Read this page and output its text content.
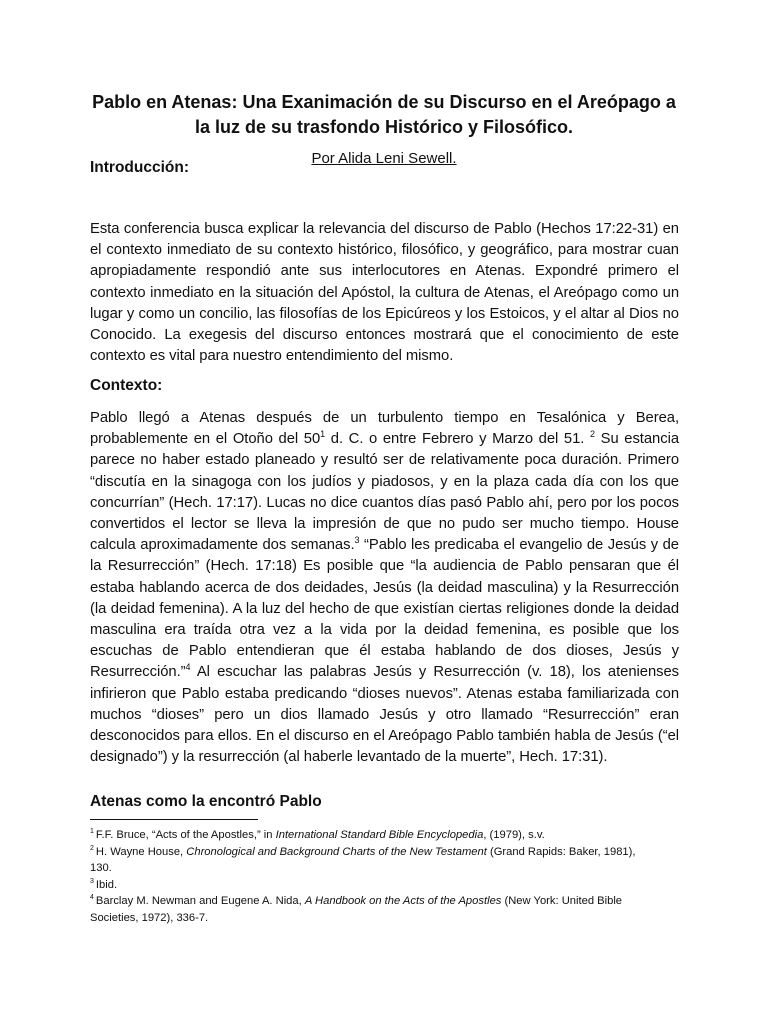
Pablo en Atenas: Una Exanimación de su Discurso en el Areópago a
la luz de su trasfondo Histórico y Filosófico.

Por Alida Leni Sewell.

Introducción:

Esta conferencia busca explicar la relevancia del discurso de Pablo (Hechos 17:22-31) en el contexto inmediato de su contexto histórico, filosófico, y geográfico, para mostrar cuan apropiadamente respondió ante sus interlocutores en Atenas. Expondré primero el contexto inmediato en la situación del Apóstol, la cultura de Atenas, el Areópago como un lugar y como un concilio, las filosofías de los Epicúreos y los Estoicos, y el altar al Dios no Conocido. La exegesis del discurso entonces mostrará que el conocimiento de este contexto es vital para nuestro entendimiento del mismo.

Contexto:

Pablo llegó a Atenas después de un turbulento tiempo en Tesalónica y Berea, probablemente en el Otoño del $50^1$ d. C. o entre Febrero y Marzo del 51. $^2$ Su estancia parece no haber estado planeado y resultó ser de relativamente poca duración. Primero “discutía en la sinagoga con los judíos y piadosos, y en la plaza cada día con los que concurrían” (Hech. 17:17). Lucas no dice cuantos días pasó Pablo ahí, pero por los pocos convertidos el lector se lleva la impresión de que no pudo ser mucho tiempo. House calcula aproximadamente dos semanas.$^3$ “Pablo les predicaba el evangelio de Jesús y de la Resurrección” (Hech. 17:18) Es posible que “la audiencia de Pablo pensaran que él estaba hablando acerca de dos deidades, Jesús (la deidad masculina) y la Resurrección (la deidad femenina). A la luz del hecho de que existían ciertas religiones donde la deidad masculina era traída otra vez a la vida por la deidad femenina, es posible que los escuchas de Pablo entendieran que él estaba hablando de dos dioses, Jesús y Resurrección.”$^4$ Al escuchar las palabras Jesús y Resurrección (v. 18), los atenienses infirieron que Pablo estaba predicando “dioses nuevos”. Atenas estaba familiarizada con muchos “dioses” pero un dios llamado Jesús y otro llamado “Resurrección” eran desconocidos para ellos. En el discurso en el Areópago Pablo también habla de Jesús (“el designado”) y la resurrección (al haberle levantado de la muerte”, Hech. 17:31).

Atenas como la encontró Pablo

$^1$ F.F. Bruce, “Acts of the Apostles,” in International Standard Bible Encyclopedia, (1979), s.v.

$^2$ H. Wayne House, Chronological and Background Charts of the New Testament (Grand Rapids: Baker, 1981), 130.

$^3$ Ibid.

$^4$ Barclay M. Newman and Eugene A. Nida, A Handbook on the Acts of the Apostles (New York: United Bible Societies, 1972), 336-7.
